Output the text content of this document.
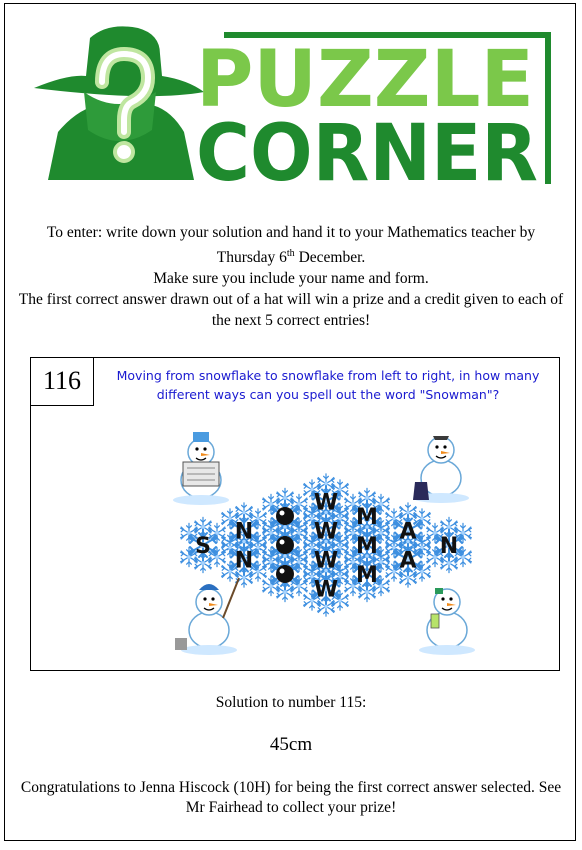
PUZZLE
CORNER

To enter: write down your solution and hand it to your Mathematics teacher by
Thursday 6th December.

Make sure you include your name and form.

The first correct answer drawn out of a hat will win a prize and a credit given to each of the next 5 correct entries!

S
N
N
W
W
W
W
M
M
M
A
A
N
116	Moving from snowflake to snowflake from left to right, in how many different ways can you spell out the word "Snowman"?
Solution to number 115:
45cm
Congratulations to Jenna Hiscock (10H) for being the first correct answer selected. See Mr Fairhead to collect your prize!
